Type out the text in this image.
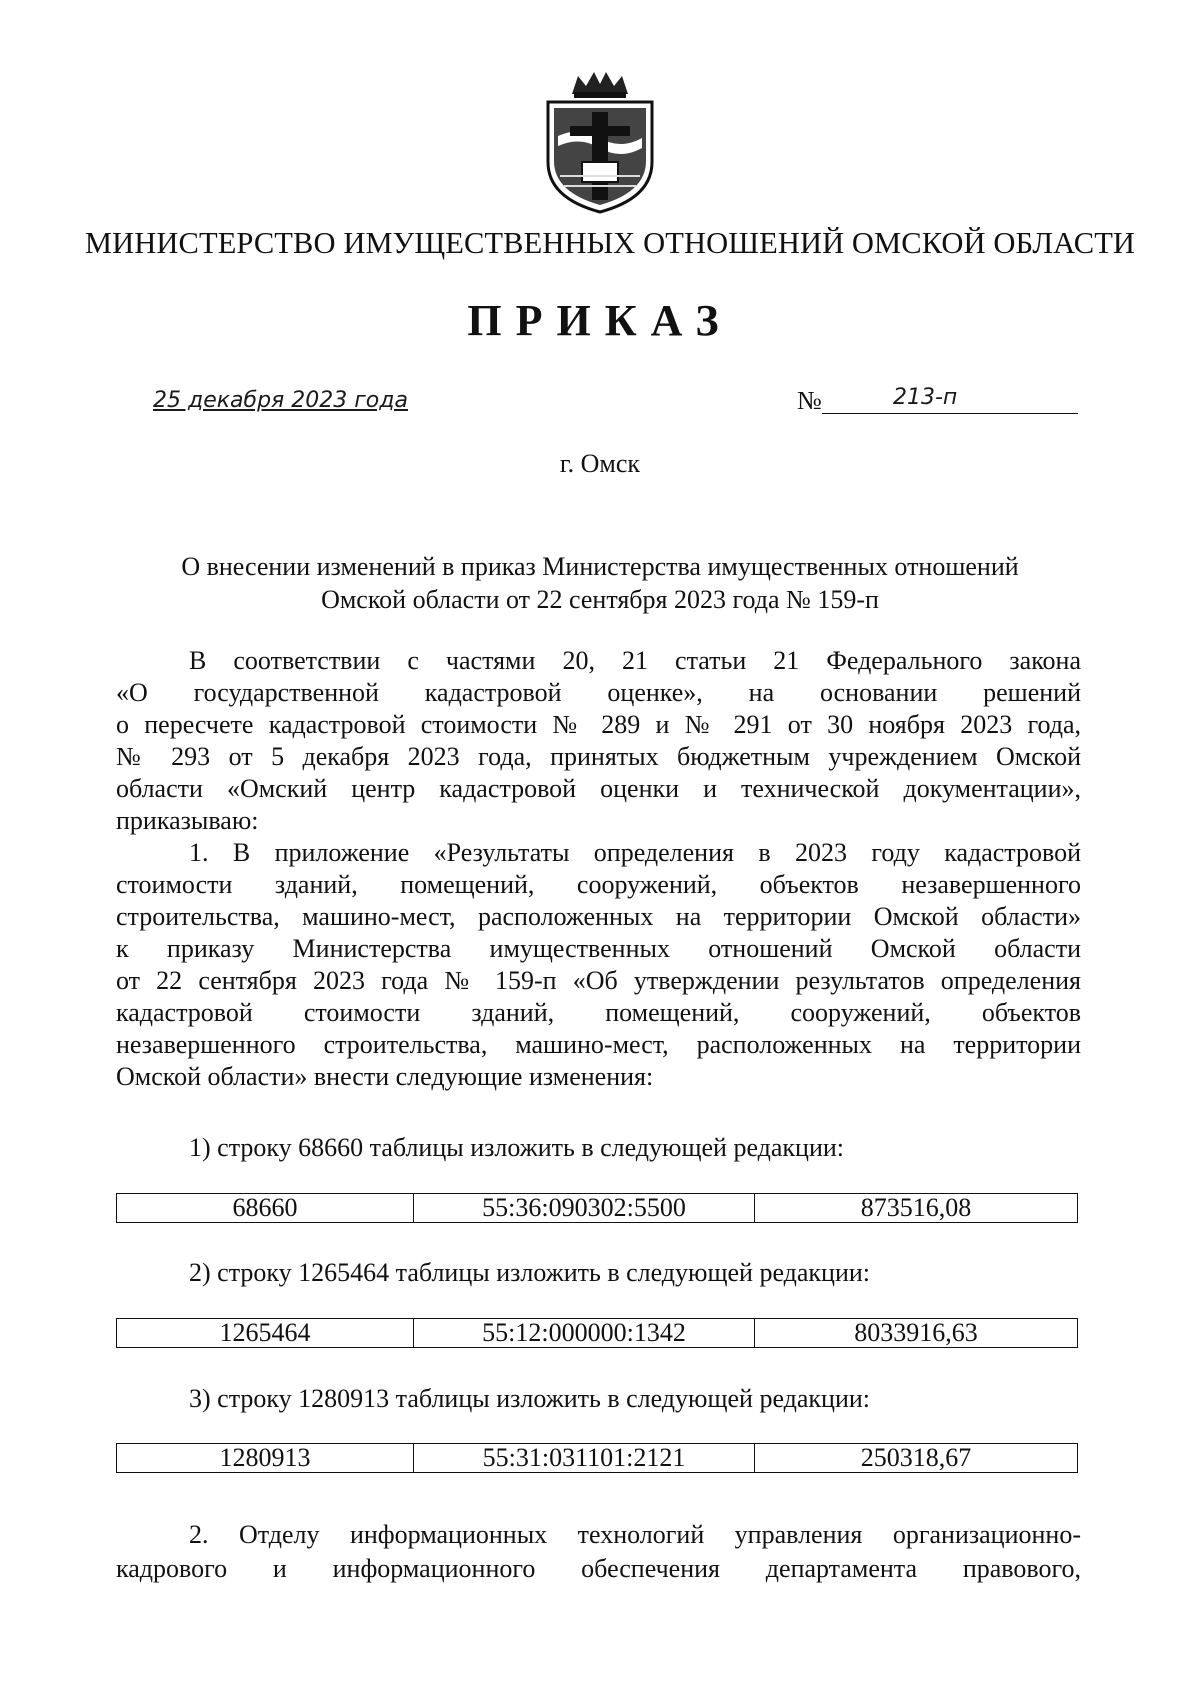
МИНИСТЕРСТВО ИМУЩЕСТВЕННЫХ ОТНОШЕНИЙ ОМСКОЙ ОБЛАСТИ
ПРИКАЗ
25 декабря 2023 года	№	213-п
г. Омск
О внесении изменений в приказ Министерства имущественных отношений
Омской области от 22 сентября 2023 года № 159-п

В соответствии с частями 20, 21 статьи 21 Федерального закона

«О государственной кадастровой оценке», на основании решений

о пересчете кадастровой стоимости № 289 и № 291 от 30 ноября 2023 года,

№ 293 от 5 декабря 2023 года, принятых бюджетным учреждением Омской

области «Омский центр кадастровой оценки и технической документации»,

приказываю:

1. В приложение «Результаты определения в 2023 году кадастровой

стоимости зданий, помещений, сооружений, объектов незавершенного

строительства, машино-мест, расположенных на территории Омской области»

к приказу Министерства имущественных отношений Омской области

от 22 сентября 2023 года № 159-п «Об утверждении результатов определения

кадастровой стоимости зданий, помещений, сооружений, объектов

незавершенного строительства, машино-мест, расположенных на территории

Омской области» внести следующие изменения:

1) строку 68660 таблицы изложить в следующей редакции:
68660	55:36:090302:5500	873516,08
2) строку 1265464 таблицы изложить в следующей редакции:
1265464	55:12:000000:1342	8033916,63
3) строку 1280913 таблицы изложить в следующей редакции:
1280913	55:31:031101:2121	250318,67
2. Отделу информационных технологий управления организационно-
кадрового и информационного обеспечения департамента правового,
